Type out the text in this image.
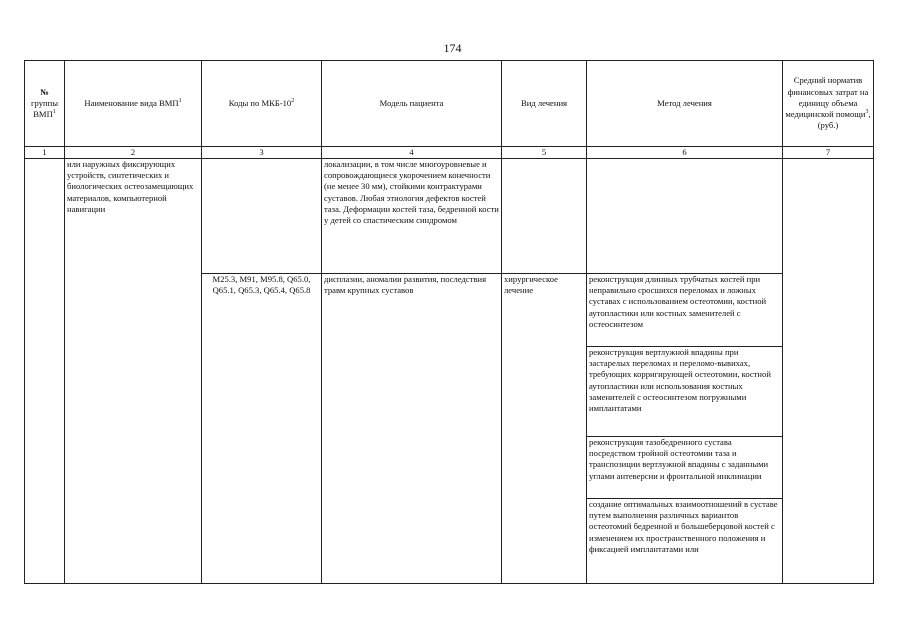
174
№
группы
ВМП$^1$	Наименование вида ВМП$^1$	Коды по МКБ-$10^2$	Модель пациента	Вид лечения	Метод лечения	Средний норматив финансовых затрат на единицу объема медицинской помощи$^3$, (руб.)
1	2	3	4	5	6	7
	или наружных фиксирующих устройств, синтетических и биологических остеозамещающих материалов, компьютерной навигации		локализации, в том числе многоуровневые и сопровождающиеся укорочением конечности (не менее 30 мм), стойкими контрактурами суставов. Любая этиология дефектов костей таза. Деформации костей таза, бедренной кости у детей со спастическим синдромом			
		M25.3, M91, M95.8, Q65.0, Q65.1, Q65.3, Q65.4, Q65.8	дисплазии, аномалии развития, последствия травм крупных суставов	хирургическое лечение	реконструкция длинных трубчатых костей при неправильно сросшихся переломах и ложных суставах с использованием остеотомии, костной аутопластики или костных заменителей с остеосинтезом	
					реконструкция вертлужной впадины при застарелых переломах и переломо-вывихах, требующих корригирующей остеотомии, костной аутопластики или использования костных заменителей с остеосинтезом погружными имплантатами	
					реконструкция тазобедренного сустава посредством тройной остеотомии таза и транспозиции вертлужной впадины с заданными углами антеверсии и фронтальной инклинации	
					создание оптимальных взаимоотношений в суставе путем выполнения различных вариантов остеотомий бедренной и большеберцовой костей с изменением их пространственного положения и фиксацией имплантатами или	
